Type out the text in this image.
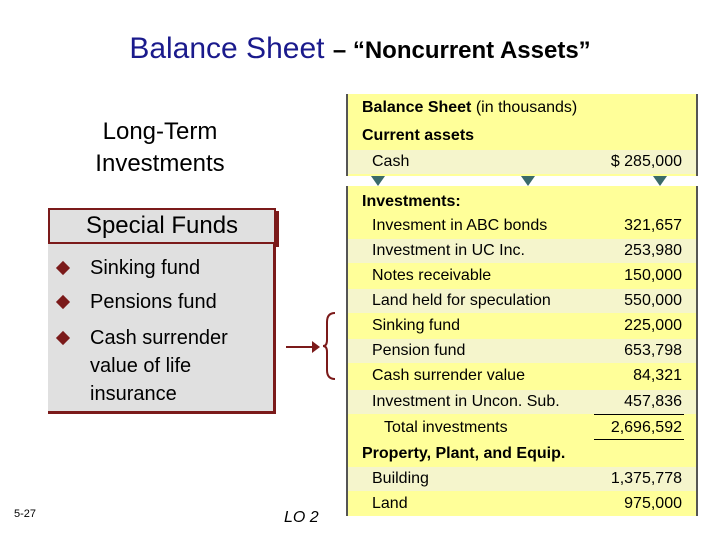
Balance Sheet – “Noncurrent Assets”
Long-Term
Investments
Special Funds
Sinking fund
Pensions fund
Cash surrender value of life insurance
5-27	LO 2
Balance Sheet (in thousands)
Current assets
Cash	$ 285,000
Investments:
Invesment in ABC bonds	321,657
Investment in UC Inc.	253,980
Notes receivable	150,000
Land held for speculation	550,000
Sinking fund	225,000
Pension fund	653,798
Cash surrender value	84,321
Investment in Uncon. Sub.	457,836
Total investments	2,696,592
Property, Plant, and Equip.
Building	1,375,778
Land	975,000
